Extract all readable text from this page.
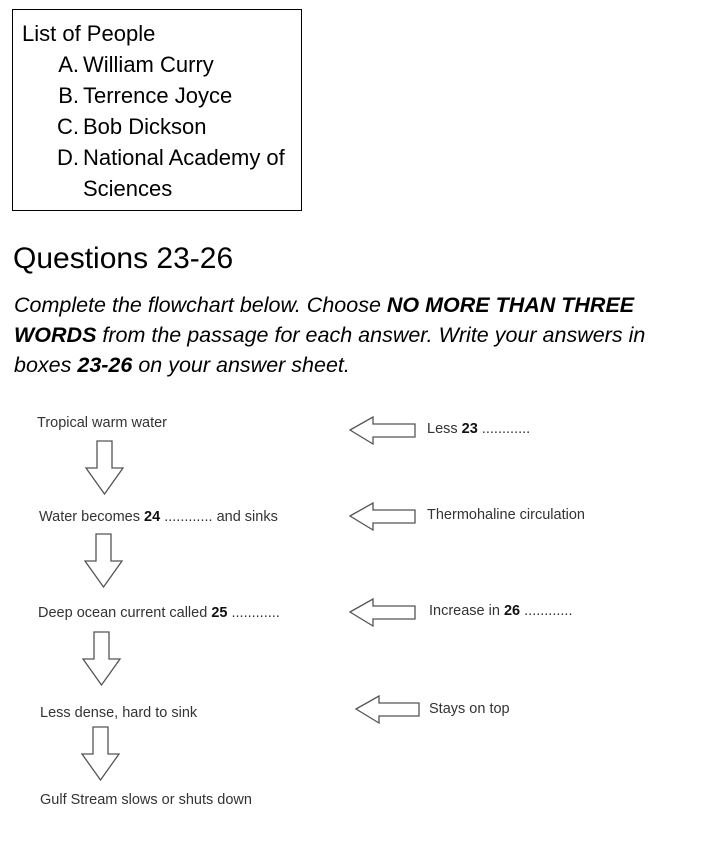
List of People
A. William Curry
B. Terrence Joyce
C. Bob Dickson
D. National Academy of Sciences
Questions 23-26

Complete the flowchart below. Choose NO MORE THAN THREE WORDS from the passage for each answer. Write your answers in boxes 23-26 on your answer sheet.

Tropical warm water
Water becomes 24 ............ and sinks
Deep ocean current called 25 ............
Less dense, hard to sink
Gulf Stream slows or shuts down
Less 23 ............
Thermohaline circulation
Increase in 26 ............
Stays on top
